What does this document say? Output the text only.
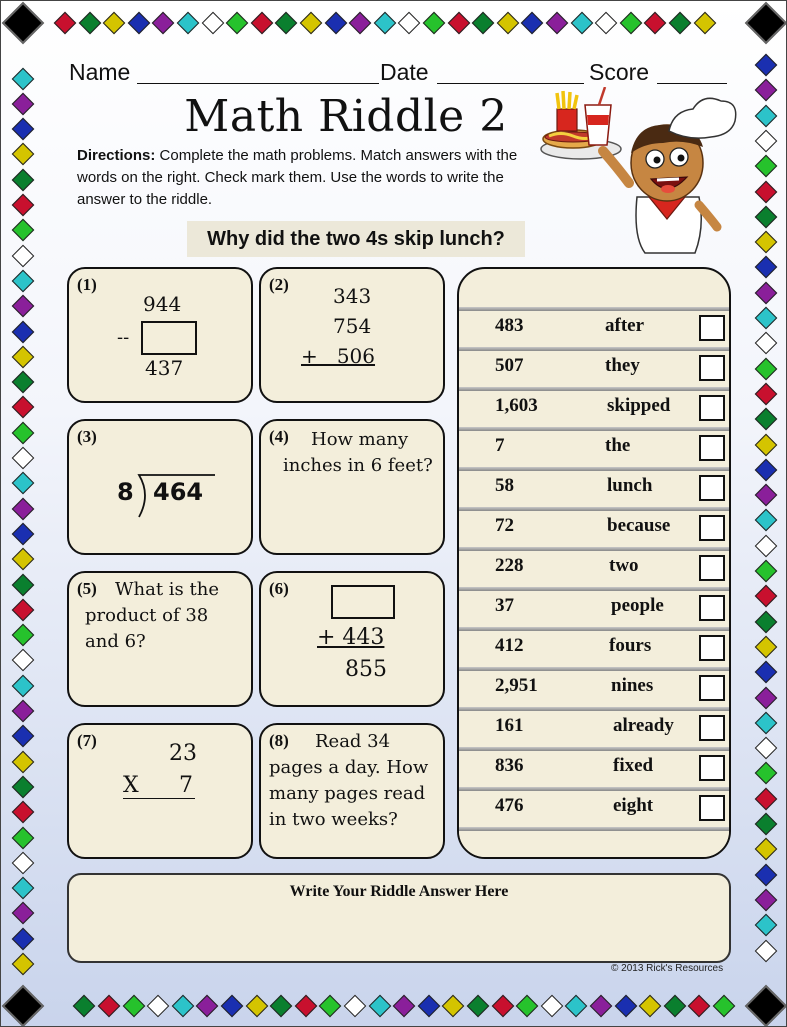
Name	Date	Score
Math Riddle 2
Directions: Complete the math problems. Match answers with the words on the right. Check mark them. Use the words to write the answer to the riddle.
Why did the two 4s skip lunch?
(1)
944
--
437
(2) 343
754
+   506
(3)
8 464
(4)	How many inches in 6 feet?
(5)	What is the product of 38 and 6?
(6)
+ 443
855
(7)
23
X 7
(8)	Read 34 pages a day. How many pages read in two weeks?
483	after
507	they
1,603	skipped
7	the
58	lunch
72	because
228	two
37	people
412	fours
2,951	nines
161	already
836	fixed
476	eight
Write Your Riddle Answer Here
© 2013 Rick's Resources
